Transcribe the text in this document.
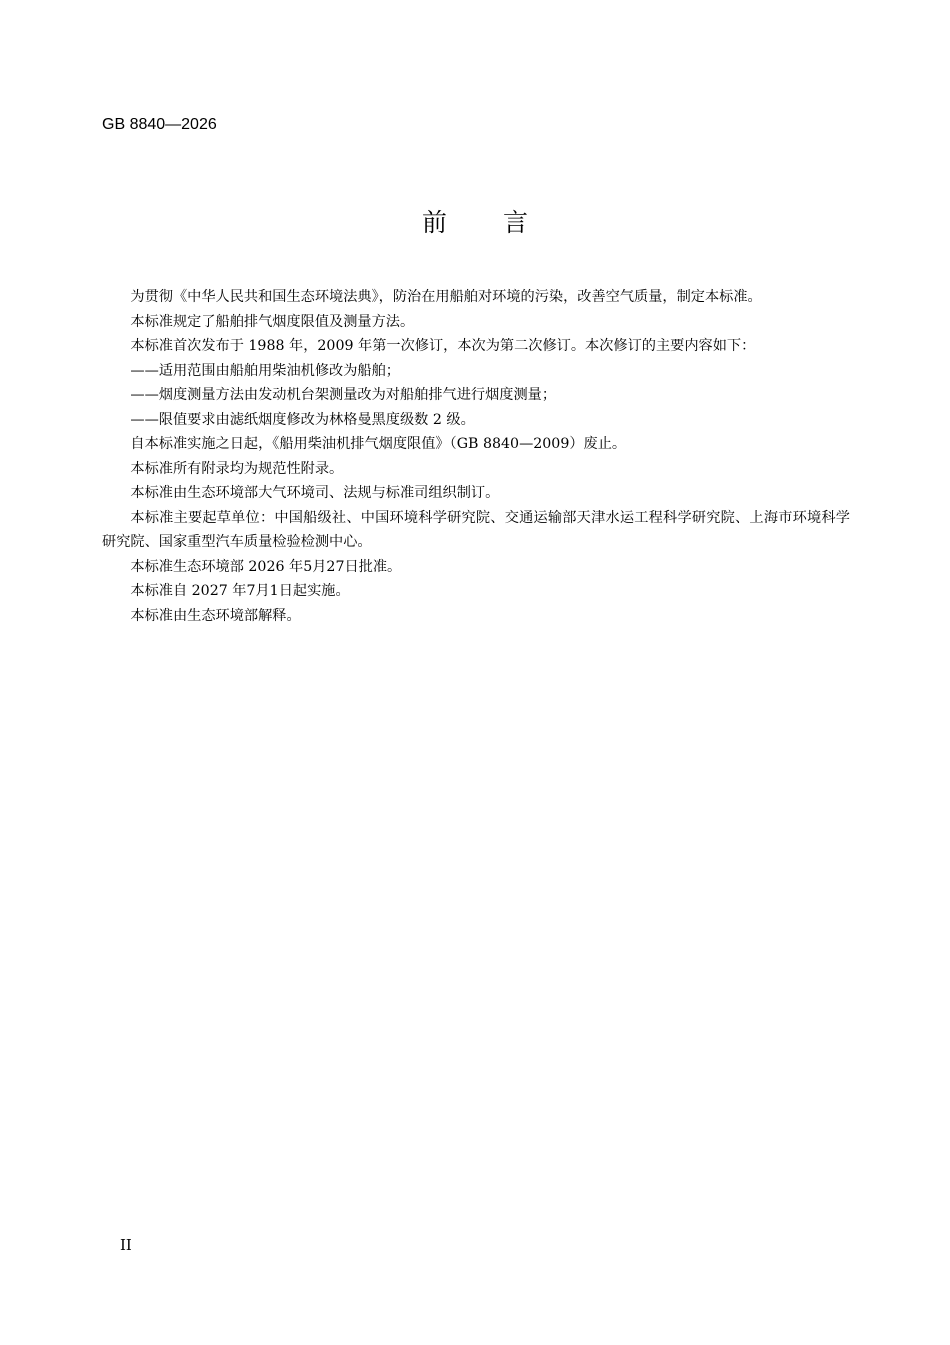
GB 8840—2026
前 言

为贯彻《中华人民共和国生态环境法典》，防治在用船舶对环境的污染，改善空气质量，制定本标准。

本标准规定了船舶排气烟度限值及测量方法。

本标准首次发布于 1988 年，2009 年第一次修订，本次为第二次修订。本次修订的主要内容如下：

——适用范围由船舶用柴油机修改为船舶；

——烟度测量方法由发动机台架测量改为对船舶排气进行烟度测量；

——限值要求由滤纸烟度修改为林格曼黑度级数 2 级。

自本标准实施之日起，《船用柴油机排气烟度限值》（GB 8840—2009）废止。

本标准所有附录均为规范性附录。

本标准由生态环境部大气环境司、法规与标准司组织制订。

本标准主要起草单位：中国船级社、中国环境科学研究院、交通运输部天津水运工程科学研究院、上海市环境科学研究院、国家重型汽车质量检验检测中心。

本标准生态环境部 2026 年5月27日批准。

本标准自 2027 年7月1日起实施。

本标准由生态环境部解释。

II
